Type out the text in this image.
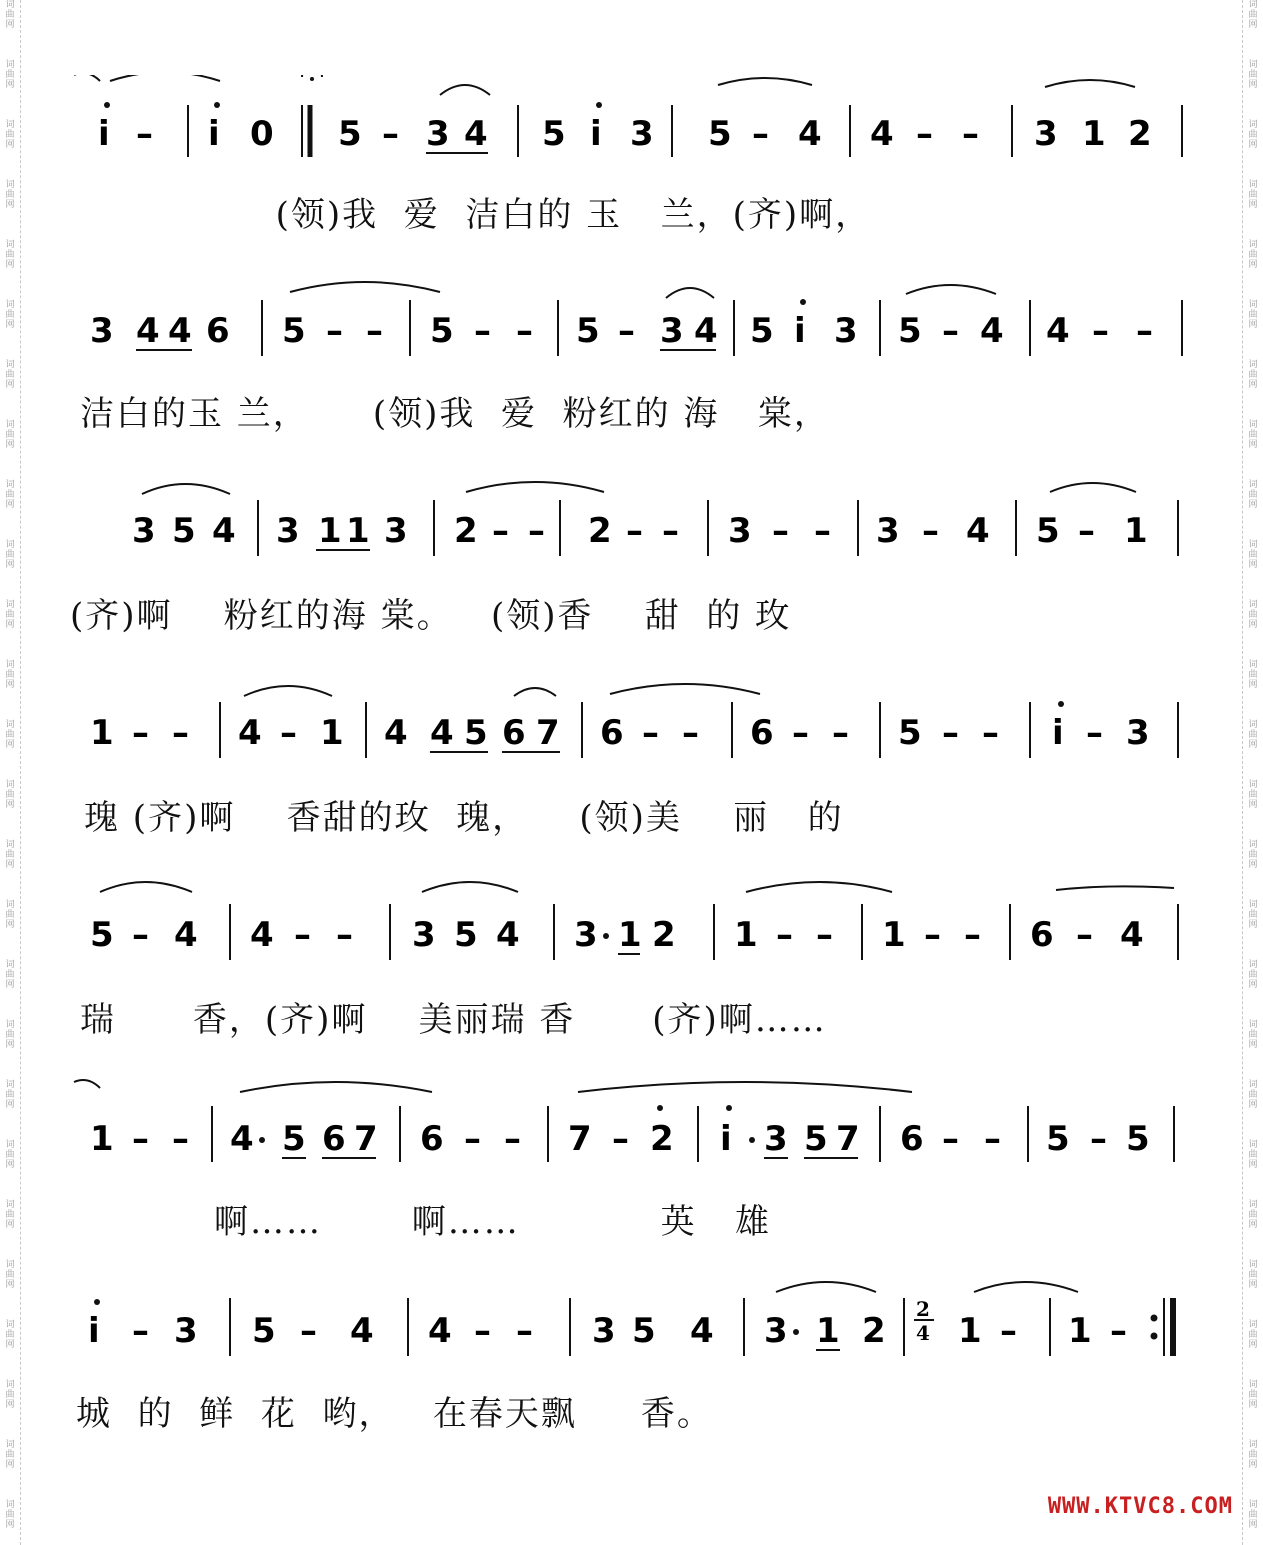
词
曲
网
词
曲
网
词
曲
网
词
曲
网
词
曲
网
词
曲
网
词
曲
网
词
曲
网
词
曲
网
词
曲
网
词
曲
网
词
曲
网
词
曲
网
词
曲
网
词
曲
网
词
曲
网
词
曲
网
词
曲
网
词
曲
网
词
曲
网
词
曲
网
词
曲
网
词
曲
网
词
曲
网
词
曲
网
词
曲
网
词
曲
网
词
曲
网
词
曲
网
词
曲
网
词
曲
网
词
曲
网
词
曲
网
词
曲
网
词
曲
网
词
曲
网
词
曲
网
词
曲
网
词
曲
网
词
曲
网
词
曲
网
词
曲
网
词
曲
网
词
曲
网
词
曲
网
词
曲
网
词
曲
网
词
曲
网
词
曲
网
词
曲
网
词
曲
网
词
曲
网
i – i 0 5 – 3 4 5 i 3 5 – 4 4 – – 3 1 2
(领)我  爱  洁白的 玉   兰，(齐)啊，
3 4 4 6 5 – – 5 – – 5 – 3 4 5 i 3 5 – 4 4 – –
洁白的玉 兰，     (领)我  爱  粉红的 海   棠，
3 5 4 3 1 1 3 2 – – 2 – – 3 – – 3 – 4 5 – 1
(齐)啊    粉红的海 棠。   (领)香    甜  的 玫
1 – – 4 – 1 4 4 5 6 7 6 – – 6 – – 5 – – i – 3
瑰 (齐)啊    香甜的玫  瑰，    (领)美    丽   的
5 – 4 4 – – 3 5 4 3 1 2 1 – – 1 – – 6 – 4
瑞      香，(齐)啊    美丽瑞 香      (齐)啊……
1 – – 4 5 6 7 6 – – 7 – 2 i 3 5 7 6 – – 5 – 5
啊……       啊……           英   雄
i – 3 5 – 4 4 – – 3 5 4 3 1 2
2
4 1 – 1 –
城  的  鲜  花  哟，   在春天飘     香。
WWW.KTVC8.COM
